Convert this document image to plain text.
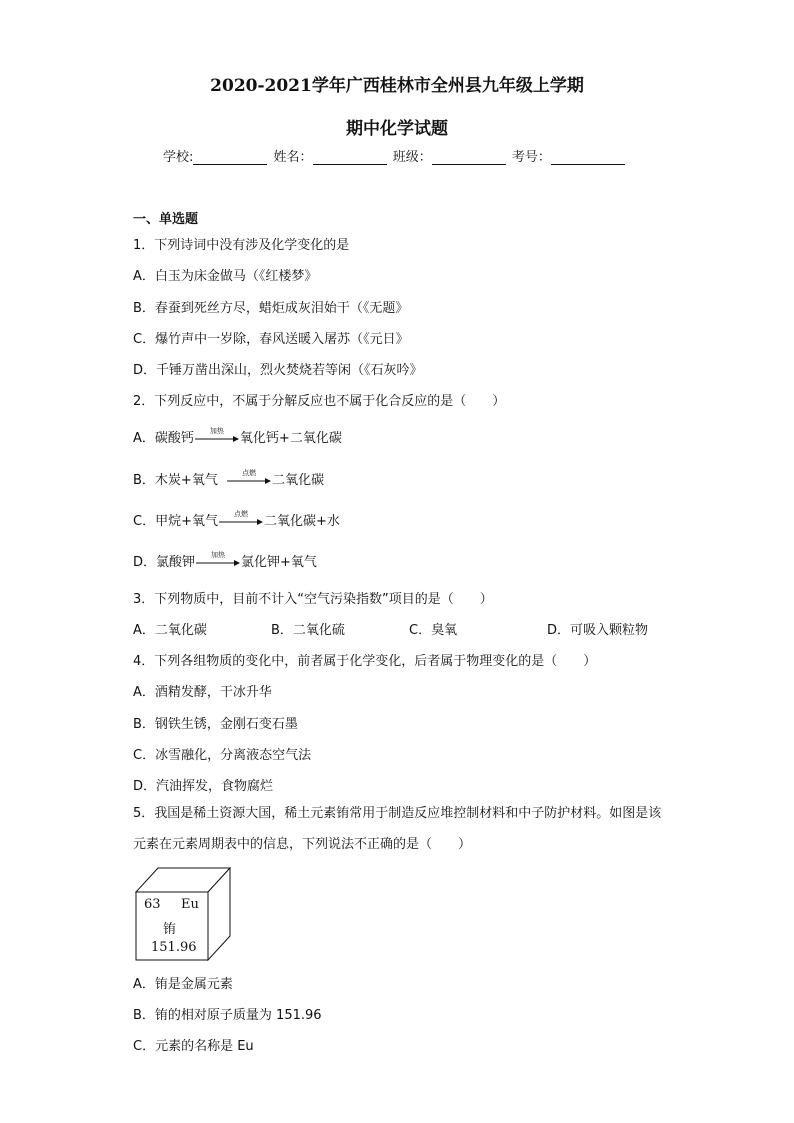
2020-2021学年广西桂林市全州县九年级上学期
期中化学试题
学校:	姓名：	班级：	考号：
一、单选题
1．下列诗词中没有涉及化学变化的是
A．白玉为床金做马（《红楼梦》
B．春蚕到死丝方尽，蜡炬成灰泪始干（《无题》
C．爆竹声中一岁除，春风送暖入屠苏（《元日》
D．千锤万凿出深山，烈火焚烧若等闲（《石灰吟》
2．下列反应中，不属于分解反应也不属于化合反应的是（　　）
A．碳酸钙
加热
氧化钙+二氧化碳
B．木炭+氧气
点燃
二氧化碳
C．甲烷+氧气
点燃
二氧化碳+水
D．氯酸钾
加热
氯化钾+氧气
3．下列物质中，目前不计入“空气污染指数”项目的是（　　）
A．二氧化碳	B．二氧化硫	C．臭氧	D．可吸入颗粒物
4．下列各组物质的变化中，前者属于化学变化，后者属于物理变化的是（　　）
A．酒精发酵，干冰升华
B．钢铁生锈，金刚石变石墨
C．冰雪融化，分离液态空气法
D．汽油挥发，食物腐烂
5．我国是稀土资源大国，稀土元素铕常用于制造反应堆控制材料和中子防护材料。如图是该元素在元素周期表中的信息，下列说法不正确的是（　　）
63 Eu
铕
151.96
A．铕是金属元素
B．铕的相对原子质量为 151.96
C．元素的名称是 Eu
